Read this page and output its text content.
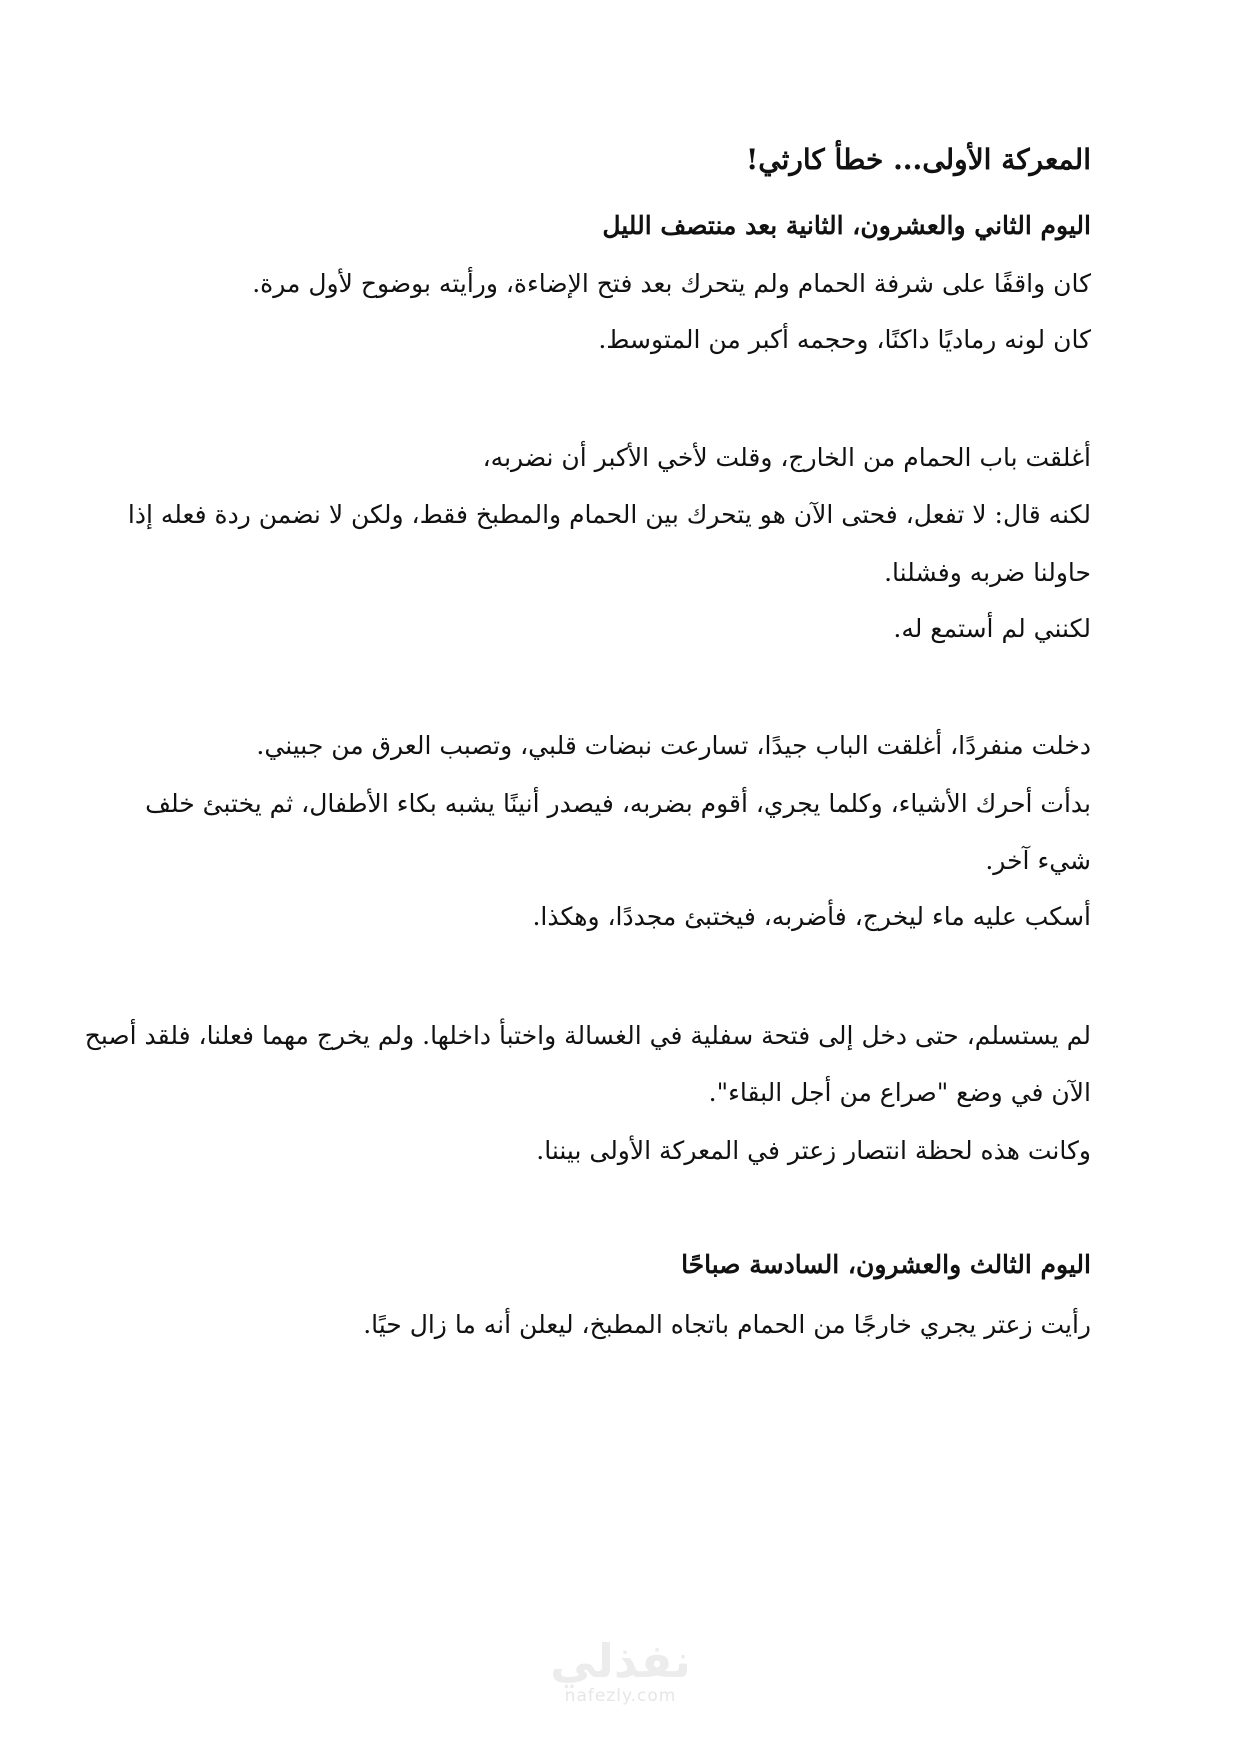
المعركة الأولى... خطأ كارثي!
اليوم الثاني والعشرون، الثانية بعد منتصف الليل
كان واقفًا على شرفة الحمام ولم يتحرك بعد فتح الإضاءة، ورأيته بوضوح لأول مرة.
كان لونه رماديًا داكنًا، وحجمه أكبر من المتوسط.
أغلقت باب الحمام من الخارج، وقلت لأخي الأكبر أن نضربه،
لكنه قال: لا تفعل، فحتى الآن هو يتحرك بين الحمام والمطبخ فقط، ولكن لا نضمن ردة فعله إذا
حاولنا ضربه وفشلنا.
لكنني لم أستمع له.
دخلت منفردًا، أغلقت الباب جيدًا، تسارعت نبضات قلبي، وتصبب العرق من جبيني.
بدأت أحرك الأشياء، وكلما يجري، أقوم بضربه، فيصدر أنينًا يشبه بكاء الأطفال، ثم يختبئ خلف
شيء آخر.
أسكب عليه ماء ليخرج، فأضربه، فيختبئ مجددًا، وهكذا.
لم يستسلم، حتى دخل إلى فتحة سفلية في الغسالة واختبأ داخلها. ولم يخرج مهما فعلنا، فلقد أصبح
الآن في وضع "صراع من أجل البقاء".
وكانت هذه لحظة انتصار زعتر في المعركة الأولى بيننا.
اليوم الثالث والعشرون، السادسة صباحًا
رأيت زعتر يجري خارجًا من الحمام باتجاه المطبخ، ليعلن أنه ما زال حيًا.
نفذلي
nafezly.com
